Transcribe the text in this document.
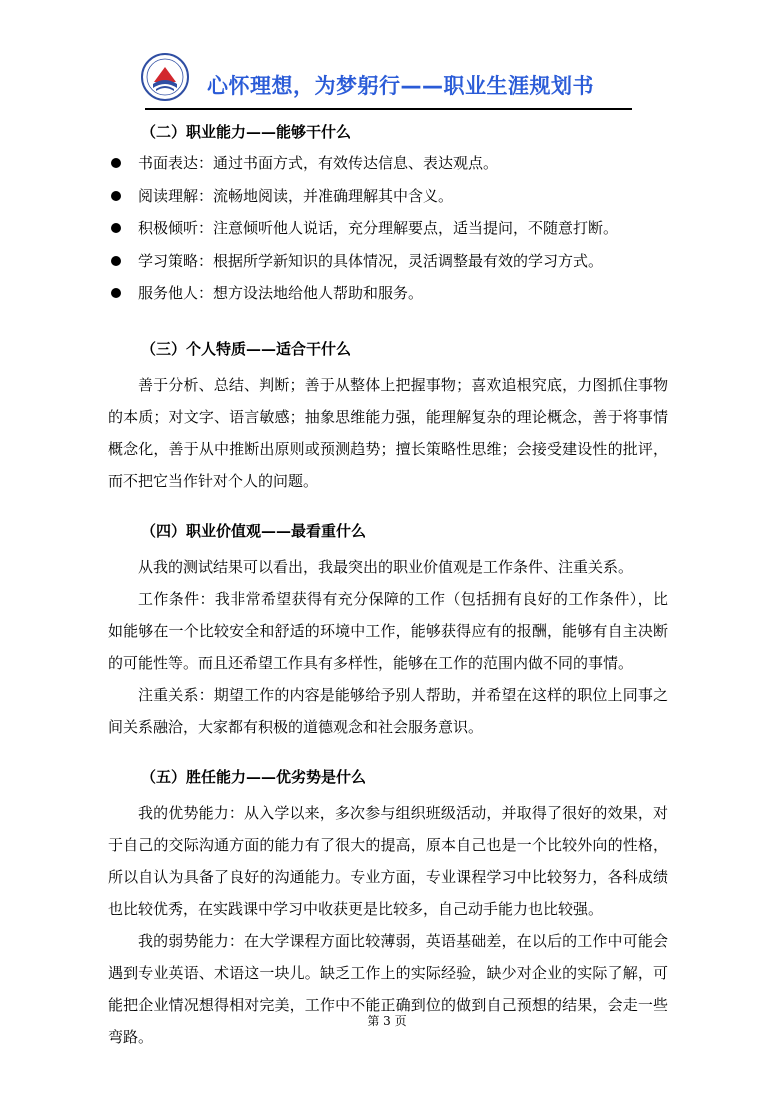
心怀理想，为梦躬行——职业生涯规划书
（二）职业能力——能够干什么
书面表达：通过书面方式，有效传达信息、表达观点。
阅读理解：流畅地阅读，并准确理解其中含义。
积极倾听：注意倾听他人说话，充分理解要点，适当提问，不随意打断。
学习策略：根据所学新知识的具体情况，灵活调整最有效的学习方式。
服务他人：想方设法地给他人帮助和服务。
（三）个人特质——适合干什么

善于分析、总结、判断；善于从整体上把握事物；喜欢追根究底，力图抓住事物的本质；对文字、语言敏感；抽象思维能力强，能理解复杂的理论概念，善于将事情概念化，善于从中推断出原则或预测趋势；擅长策略性思维；会接受建设性的批评，而不把它当作针对个人的问题。

（四）职业价值观——最看重什么

从我的测试结果可以看出，我最突出的职业价值观是工作条件、注重关系。

工作条件：我非常希望获得有充分保障的工作（包括拥有良好的工作条件），比如能够在一个比较安全和舒适的环境中工作，能够获得应有的报酬，能够有自主决断的可能性等。而且还希望工作具有多样性，能够在工作的范围内做不同的事情。

注重关系：期望工作的内容是能够给予别人帮助，并希望在这样的职位上同事之间关系融洽，大家都有积极的道德观念和社会服务意识。

（五）胜任能力——优劣势是什么

我的优势能力：从入学以来，多次参与组织班级活动，并取得了很好的效果，对于自己的交际沟通方面的能力有了很大的提高，原本自己也是一个比较外向的性格，所以自认为具备了良好的沟通能力。专业方面，专业课程学习中比较努力，各科成绩也比较优秀，在实践课中学习中收获更是比较多，自己动手能力也比较强。

我的弱势能力：在大学课程方面比较薄弱，英语基础差，在以后的工作中可能会遇到专业英语、术语这一块儿。缺乏工作上的实际经验，缺少对企业的实际了解，可能把企业情况想得相对完美，工作中不能正确到位的做到自己预想的结果，会走一些弯路。

第 3 页
